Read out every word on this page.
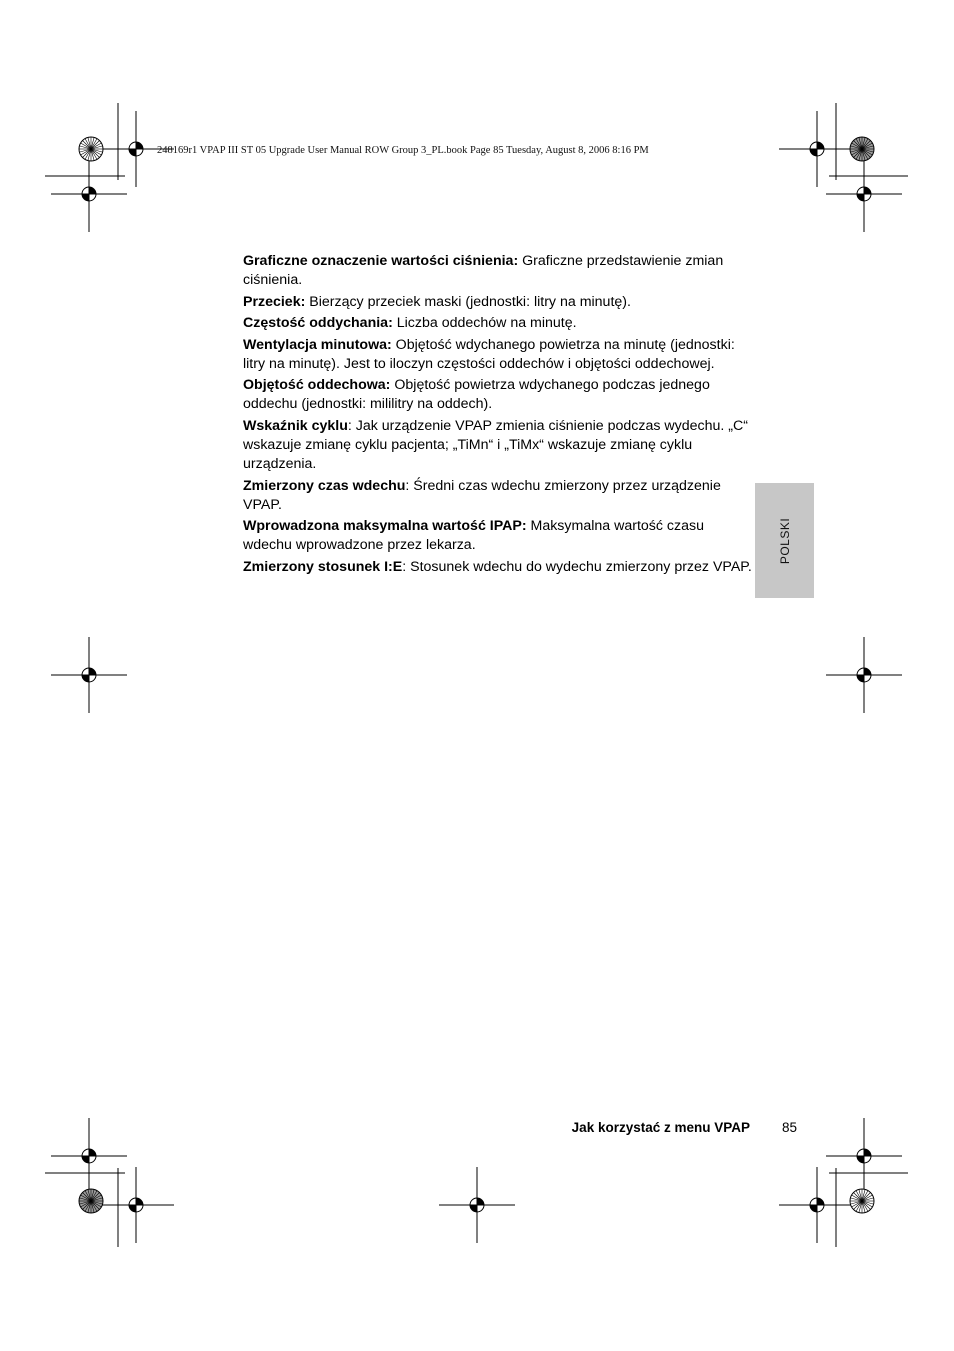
248169r1 VPAP III ST 05 Upgrade User Manual ROW Group 3_PL.book Page 85 Tuesday, August 8, 2006 8:16 PM

Graficzne oznaczenie wartości ciśnienia: Graficzne przedstawienie zmian ciśnienia.

Przeciek: Bierzący przeciek maski (jednostki: litry na minutę).

Częstość oddychania: Liczba oddechów na minutę.

Wentylacja minutowa: Objętość wdychanego powietrza na minutę (jednostki: litry na minutę). Jest to iloczyn częstości oddechów i objętości oddechowej.

Objętość oddechowa: Objętość powietrza wdychanego podczas jednego oddechu (jednostki: mililitry na oddech).

Wskaźnik cyklu: Jak urządzenie VPAP zmienia ciśnienie podczas wydechu. „C“ wskazuje zmianę cyklu pacjenta; „TiMn“ i „TiMx“ wskazuje zmianę cyklu urządzenia.

Zmierzony czas wdechu: Średni czas wdechu zmierzony przez urządzenie VPAP.

Wprowadzona maksymalna wartość IPAP: Maksymalna wartość czasu wdechu wprowadzone przez lekarza.

Zmierzony stosunek I:E: Stosunek wdechu do wydechu zmierzony przez VPAP.

POLSKI
Jak korzystać z menu VPAP 85
